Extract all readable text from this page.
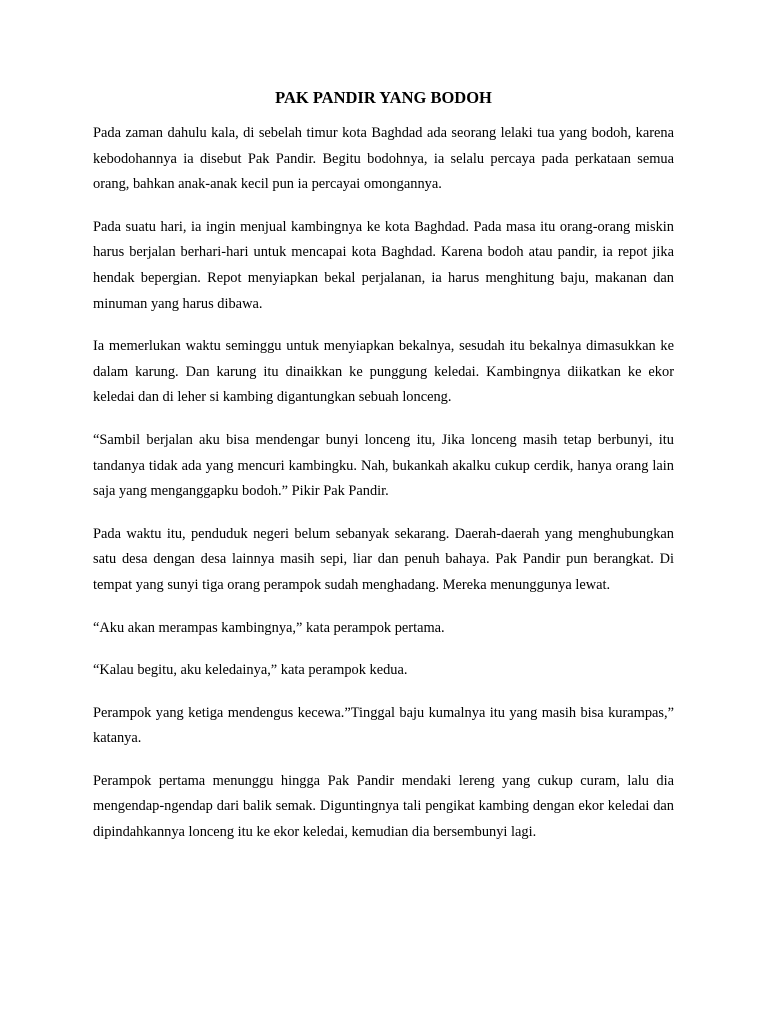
PAK PANDIR YANG BODOH

Pada zaman dahulu kala, di sebelah timur kota Baghdad ada seorang lelaki tua yang bodoh, karena kebodohannya ia disebut Pak Pandir. Begitu bodohnya, ia selalu percaya pada perkataan semua orang, bahkan anak-anak kecil pun ia percayai omongannya.

Pada suatu hari, ia ingin menjual kambingnya ke kota Baghdad. Pada masa itu orang-orang miskin harus berjalan berhari-hari untuk mencapai kota Baghdad. Karena bodoh atau pandir, ia repot jika hendak bepergian. Repot menyiapkan bekal perjalanan, ia harus menghitung baju, makanan dan minuman yang harus dibawa.

Ia memerlukan waktu seminggu untuk menyiapkan bekalnya, sesudah itu bekalnya dimasukkan ke dalam karung. Dan karung itu dinaikkan ke punggung keledai. Kambingnya diikatkan ke ekor keledai dan di leher si kambing digantungkan sebuah lonceng.

“Sambil berjalan aku bisa mendengar bunyi lonceng itu, Jika lonceng masih tetap berbunyi, itu tandanya tidak ada yang mencuri kambingku. Nah, bukankah akalku cukup cerdik, hanya orang lain saja yang menganggapku bodoh.” Pikir Pak Pandir.

Pada waktu itu, penduduk negeri belum sebanyak sekarang. Daerah-daerah yang menghubungkan satu desa dengan desa lainnya masih sepi, liar dan penuh bahaya. Pak Pandir pun berangkat. Di tempat yang sunyi tiga orang perampok sudah menghadang. Mereka menunggunya lewat.

“Aku akan merampas kambingnya,” kata perampok pertama.

“Kalau begitu, aku keledainya,” kata perampok kedua.

Perampok yang ketiga mendengus kecewa.”Tinggal baju kumalnya itu yang masih bisa kurampas,” katanya.

Perampok pertama menunggu hingga Pak Pandir mendaki lereng yang cukup curam, lalu dia mengendap-ngendap dari balik semak. Diguntingnya tali pengikat kambing dengan ekor keledai dan dipindahkannya lonceng itu ke ekor keledai, kemudian dia bersembunyi lagi.
